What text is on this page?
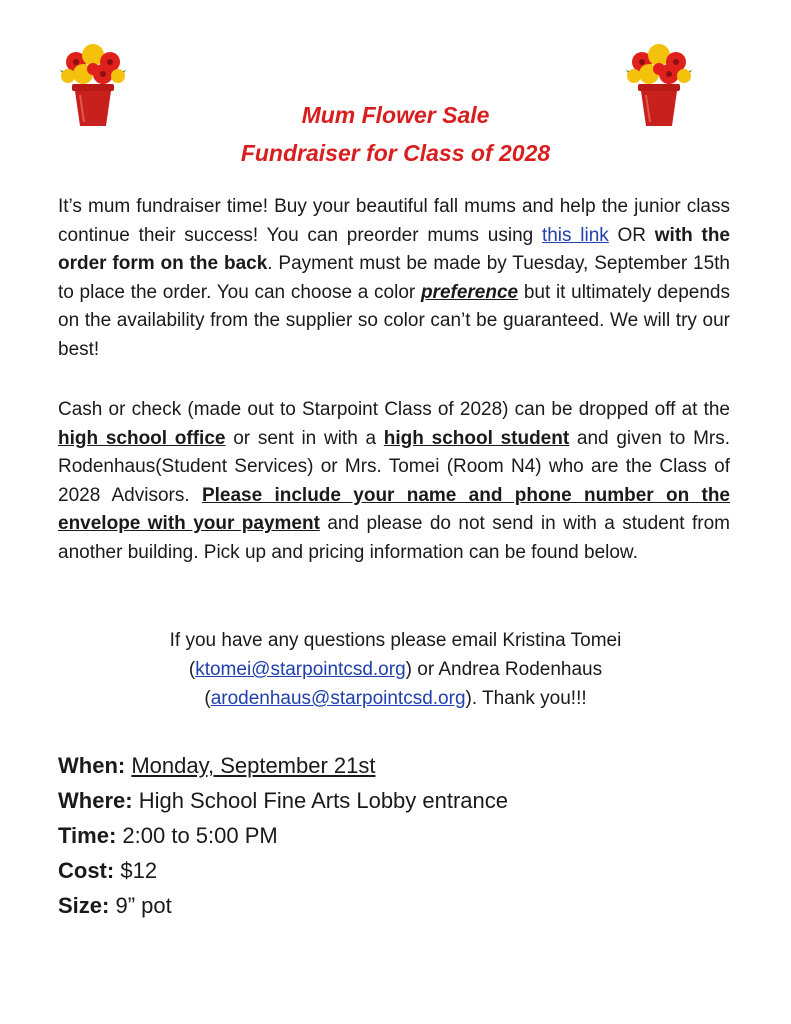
Mum Flower Sale
Fundraiser for Class of 2028
It’s mum fundraiser time! Buy your beautiful fall mums and help the junior class continue their success! You can preorder mums using this link OR with the order form on the back. Payment must be made by Tuesday, September 15th to place the order. You can choose a color preference but it ultimately depends on the availability from the supplier so color can’t be guaranteed. We will try our best!
Cash or check (made out to Starpoint Class of 2028) can be dropped off at the high school office or sent in with a high school student and given to Mrs. Rodenhaus(Student Services) or Mrs. Tomei (Room N4) who are the Class of 2028 Advisors. Please include your name and phone number on the envelope with your payment and please do not send in with a student from another building. Pick up and pricing information can be found below.
If you have any questions please email Kristina Tomei
(ktomei@starpointcsd.org) or Andrea Rodenhaus
(arodenhaus@starpointcsd.org). Thank you!!!
When: Monday, September 21st
Where: High School Fine Arts Lobby entrance
Time: 2:00 to 5:00 PM
Cost: $12
Size: 9” pot
